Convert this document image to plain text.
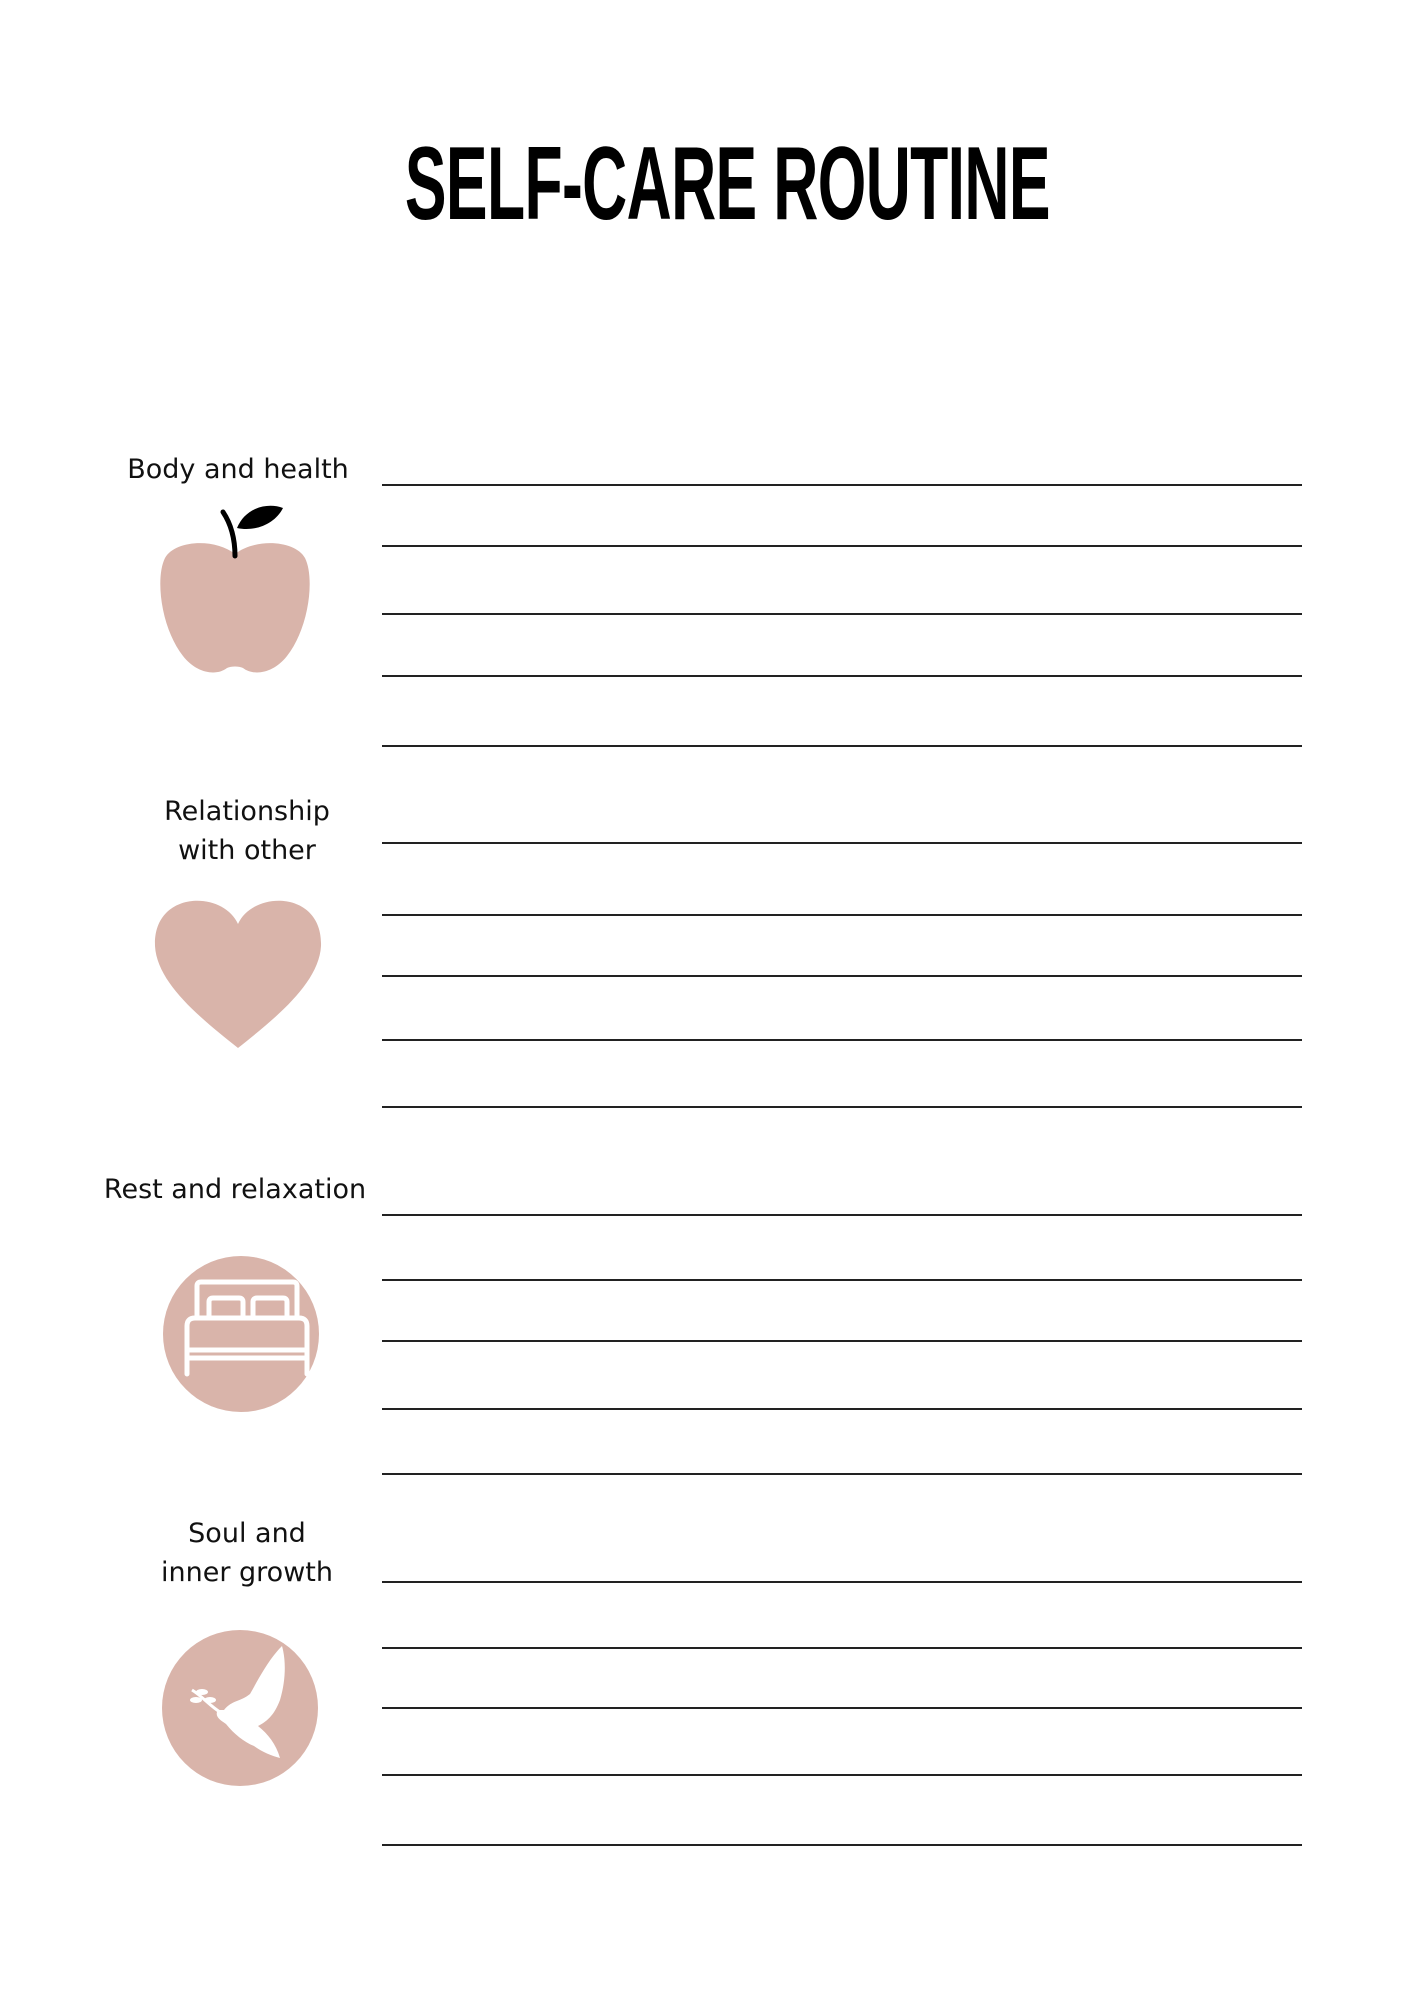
SELF-CARE ROUTINE
Body and health
Relationship
with other
Rest and relaxation
Soul and
inner growth
